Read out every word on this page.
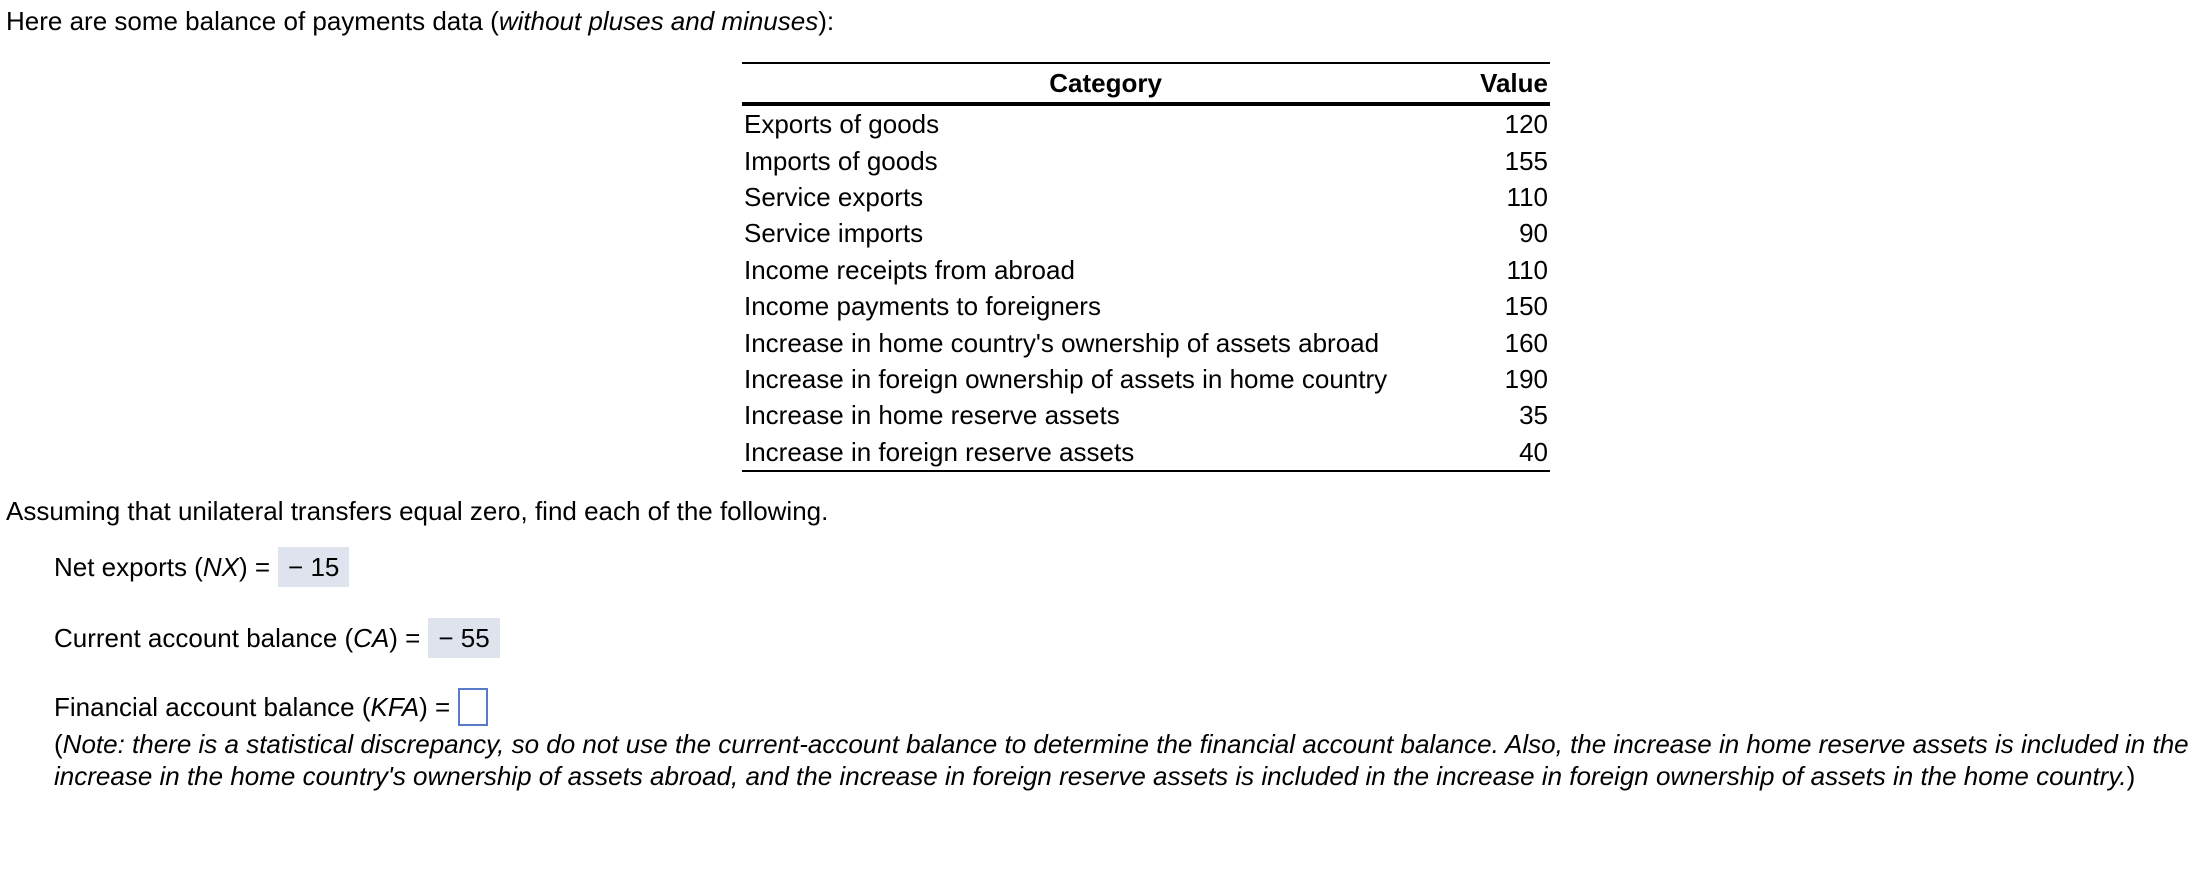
Here are some balance of payments data (without pluses and minuses):
Category	Value
Exports of goods	120
Imports of goods	155
Service exports	110
Service imports	90
Income receipts from abroad	110
Income payments to foreigners	150
Increase in home country's ownership of assets abroad	160
Increase in foreign ownership of assets in home country	190
Increase in home reserve assets	35
Increase in foreign reserve assets	40
Assuming that unilateral transfers equal zero, find each of the following.
Net exports (NX) = − 15
Current account balance (CA) = − 55
Financial account balance (KFA) =
(Note: there is a statistical discrepancy, so do not use the current-account balance to determine the financial account balance. Also, the increase in home reserve assets is included in the increase in the home country's ownership of assets abroad, and the increase in foreign reserve assets is included in the increase in foreign ownership of assets in the home country.)
